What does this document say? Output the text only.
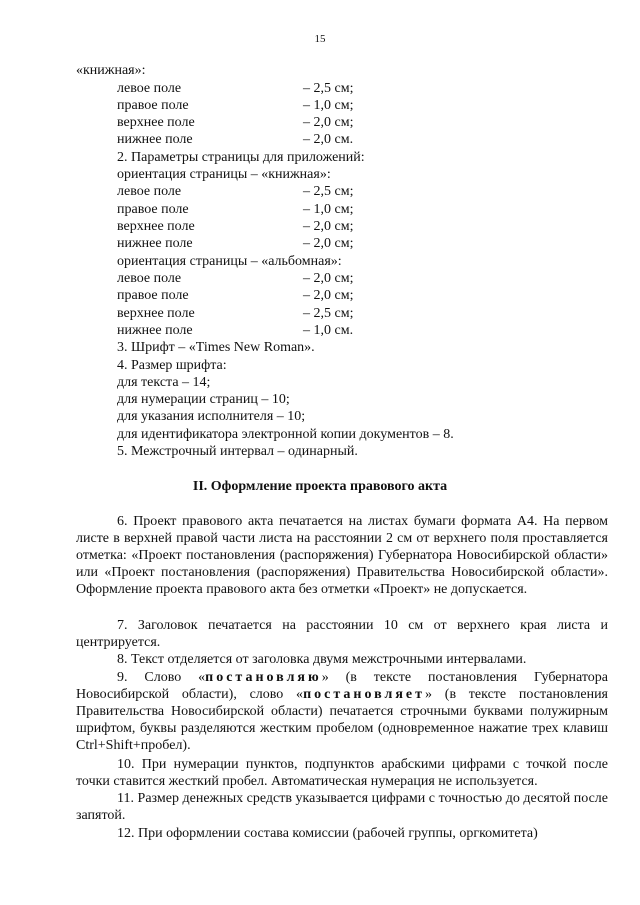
15
«книжная»:
левое поле	– 2,5 см;
правое поле	– 1,0 см;
верхнее поле	– 2,0 см;
нижнее поле	– 2,0 см.
2. Параметры страницы для приложений:
ориентация страницы – «книжная»:
левое поле	– 2,5 см;
правое поле	– 1,0 см;
верхнее поле	– 2,0 см;
нижнее поле	– 2,0 см;
ориентация страницы – «альбомная»:
левое поле	– 2,0 см;
правое поле	– 2,0 см;
верхнее поле	– 2,5 см;
нижнее поле	– 1,0 см.
3. Шрифт – «Times New Roman».
4. Размер шрифта:
для текста – 14;
для нумерации страниц – 10;
для указания исполнителя – 10;
для идентификатора электронной копии документов – 8.
5. Межстрочный интервал – одинарный.
II. Оформление проекта правового акта

6. Проект правового акта печатается на листах бумаги формата А4. На первом листе в верхней правой части листа на расстоянии 2 см от верхнего поля проставляется отметка: «Проект постановления (распоряжения) Губернатора Новосибирской области» или «Проект постановления (распоряжения) Правительства Новосибирской области». Оформление проекта правового акта без отметки «Проект» не допускается.

7. Заголовок печатается на расстоянии 10 см от верхнего края листа и центрируется.

8. Текст отделяется от заголовка двумя межстрочными интервалами.

9. Слово «постановляю» (в тексте постановления Губернатора Новосибирской области), слово «постановляет» (в тексте постановления Правительства Новосибирской области) печатается строчными буквами полужирным шрифтом, буквы разделяются жестким пробелом (одновременное нажатие трех клавиш Ctrl+Shift+пробел).

10. При нумерации пунктов, подпунктов арабскими цифрами с точкой после точки ставится жесткий пробел. Автоматическая нумерация не используется.

11. Размер денежных средств указывается цифрами с точностью до десятой после запятой.

12. При оформлении состава комиссии (рабочей группы, оргкомитета)
